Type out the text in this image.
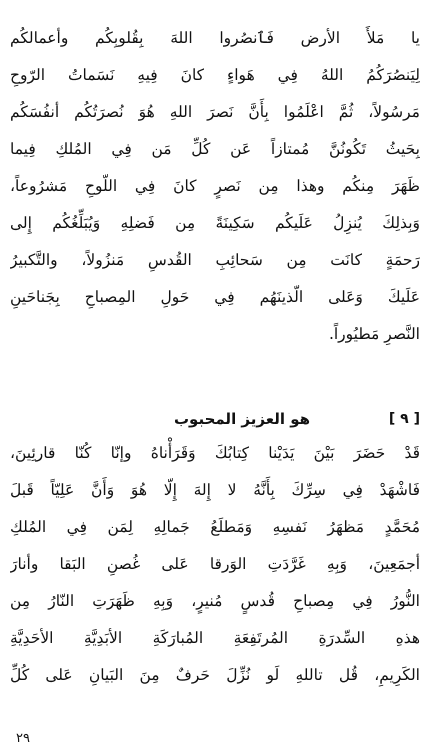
يا مَلأَ الأرض فَٱنصُروا اللهَ بِقُلوبِكُم وأعمالكُم
لِيَنصُرَكُمُ اللهُ فِي هَواءٍ كانَ فِيهِ نَسَماتُ الرّوحِ
مَرسُولاً، ثُمَّ اعْلَمُوا بِأَنَّ نَصرَ اللهِ هُوَ نُصرَتُكُم أنفُسَكُم
بِحَيثُ تَكُونُنَّ مُمتازاً عَن كُلِّ مَن فِي المُلكِ فِيما
ظَهَرَ مِنكُم وهذا مِن نَصرٍ كانَ فِي اللّوحِ مَشرُوعاً،
وَبِذلِكَ يُنزِلُ عَلَيكُم سَكِينَةً مِن فَضلِهِ وَيُبَلِّغُكُم إِلى
رَحمَةٍ كانَت مِن سَحائِبِ القُدسِ مَنزُولاً، والتَّكبيرُ
عَلَيكَ وَعَلى الّذينَهُم فِي حَولِ المِصباحِ بِجَناحَينِ
النَّصرِ مَطيُوراً.

[ ٩ ]
هو العزيز المحبوب

قَدْ حَضَرَ بَيْنَ يَدَيْنا كِتابُكَ وَقَرَأْناهُ وإنّا كُنّا قارئِينَ،
فَاشْهَدْ فِي سِرِّكَ بِأَنَّهُ لا إِلهَ إِلّا هُوَ وَأَنَّ عَلِيّاً قَبلَ
مُحَمَّدٍ مَظهَرُ نَفسِهِ وَمَطلَعُ جَمالِهِ لِمَن فِي المُلكِ
أجمَعِينَ، وَبِهِ غَرَّدَتِ الوَرقا عَلى غُصنِ البَقا وأنارَ
النُّورُ فِي مِصباحِ قُدسٍ مُنيرٍ، وَبِهِ ظَهَرَتِ النّارُ مِن
هذهِ السِّدرَةِ المُرتَفِعَةِ المُبارَكَةِ الأبَدِيَّةِ الأحَدِيَّةِ
الكَرِيمِ، قُل تاللهِ لَو نُزِّلَ حَرفٌ مِنَ البَيانِ عَلى كُلِّ

٢٩
